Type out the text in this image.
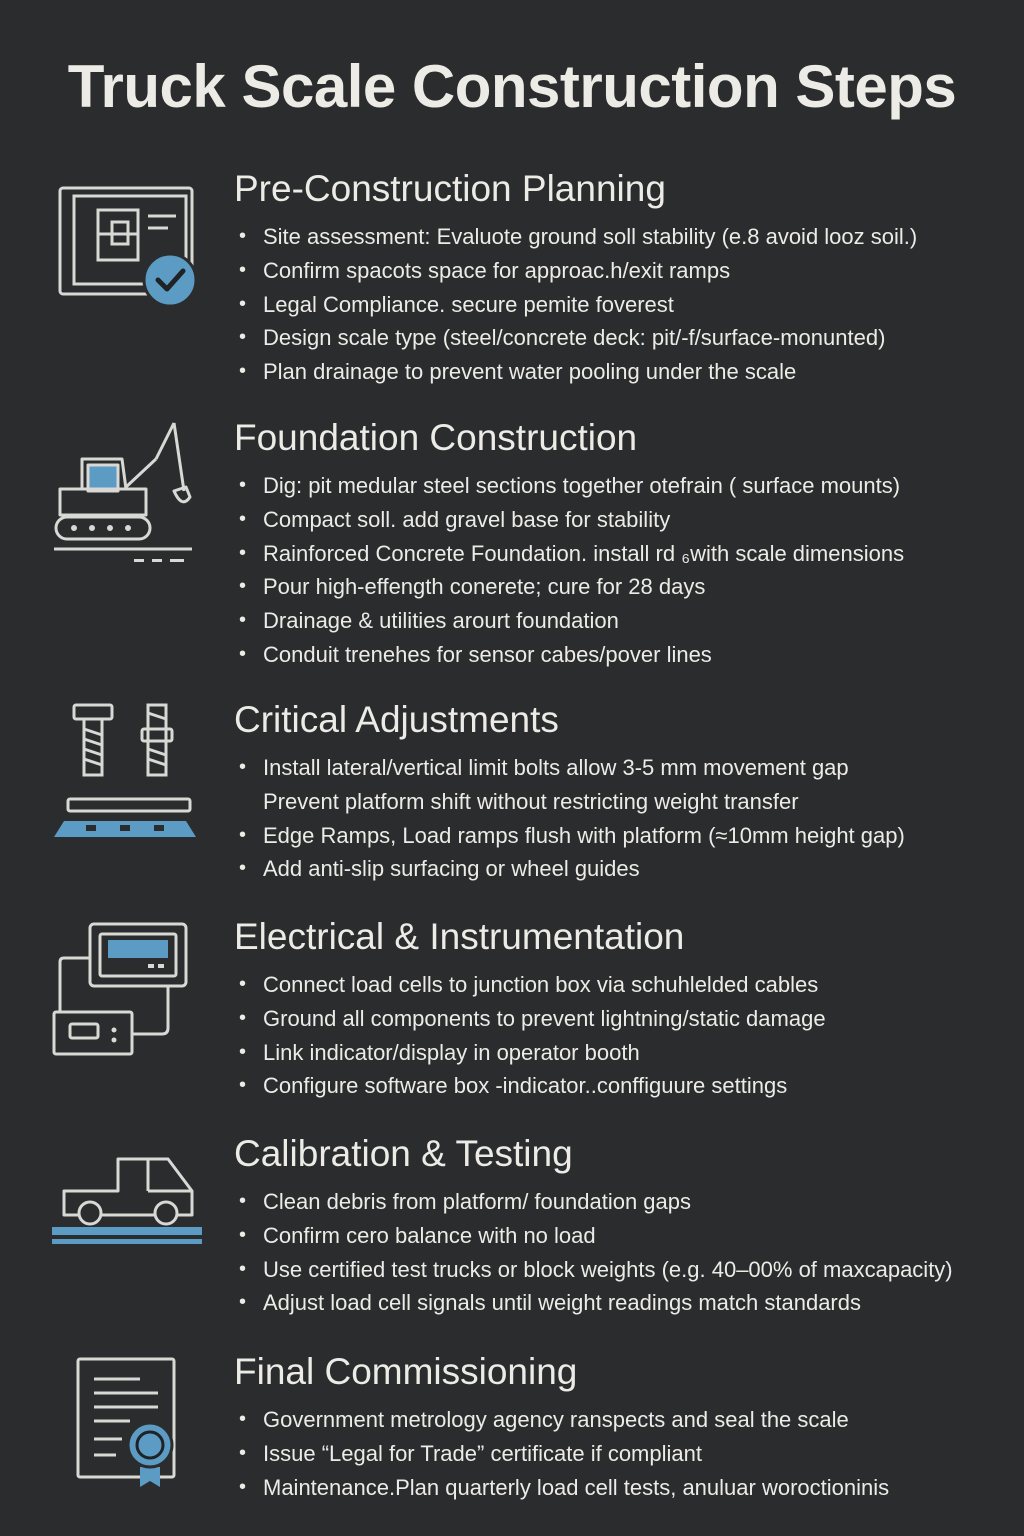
Truck Scale Construction Steps
Pre-Construction Planning
• Site assessment: Evaluote ground soll stability (e.8 avoid looz soil.)
• Confirm spacots space for approac.h/exit ramps
• Legal Compliance. secure pemite foverest
• Design scale type (steel/concrete deck: pit/-f/surface-monunted)
• Plan drainage to prevent water pooling under the scale
Foundation Construction
• Dig: pit medular steel sections together otefrain ( surface mounts)
• Compact soll. add gravel base for stability
• Rainforced Concrete Foundation. install rd ₆with scale dimensions
• Pour high-effength conerete; cure for 28 days
• Drainage & utilities arourt foundation
• Conduit trenehes for sensor cabes/pover lines
Critical Adjustments
• Install lateral/vertical limit bolts allow 3-5 mm movement gap
Prevent platform shift without restricting weight transfer
• Edge Ramps, Load ramps flush with platform (≈10mm height gap)
• Add anti-slip surfacing or wheel guides
Electrical & Instrumentation
• Connect load cells to junction box via schuhlelded cables
• Ground all components to prevent lightning/static damage
• Link indicator/display in operator booth
• Configure software box -indicator..conffiguure settings
Calibration & Testing
• Clean debris from platform/ foundation gaps
• Confirm cero balance with no load
• Use certified test trucks or block weights (e.g. 40–00% of maxcapacity)
• Adjust load cell signals until weight readings match standards
Final Commissioning
• Government metrology agency ranspects and seal the scale
• Issue “Legal for Trade” certificate if compliant
• Maintenance.Plan quarterly load cell tests, anuluar woroctioninis
